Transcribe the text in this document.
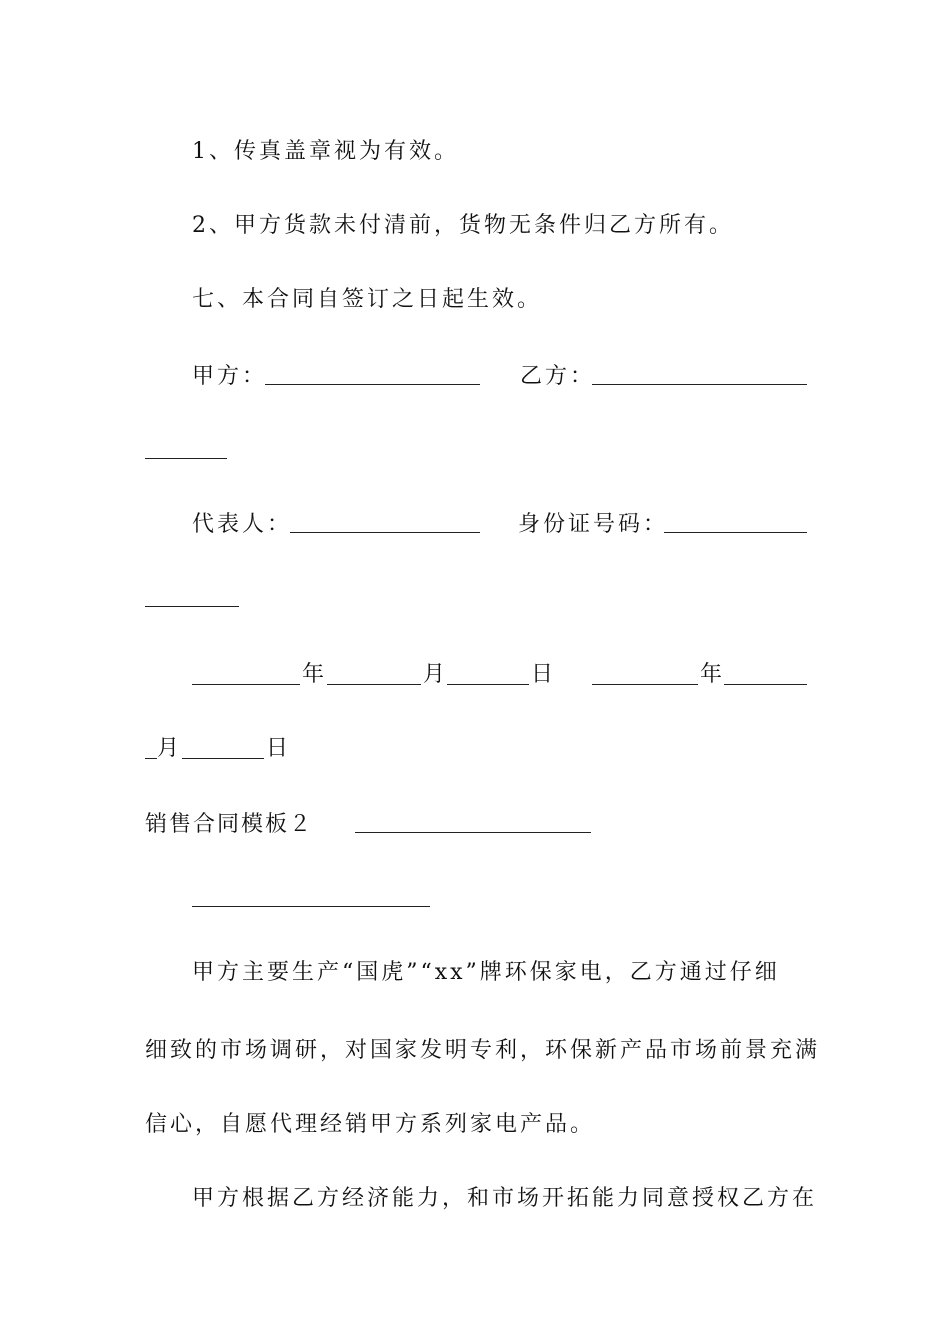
1、传真盖章视为有效。
2、甲方货款未付清前，货物无条件归乙方所有。
七、本合同自签订之日起生效。
甲方：	乙方：
代表人：	身份证号码：
年	月	日	年
月	日
销售合同模板２
甲方主要生产“国虎”“xx”牌环保家电，乙方通过仔细
细致的市场调研，对国家发明专利，环保新产品市场前景充满
信心，自愿代理经销甲方系列家电产品。
甲方根据乙方经济能力，和市场开拓能力同意授权乙方在
